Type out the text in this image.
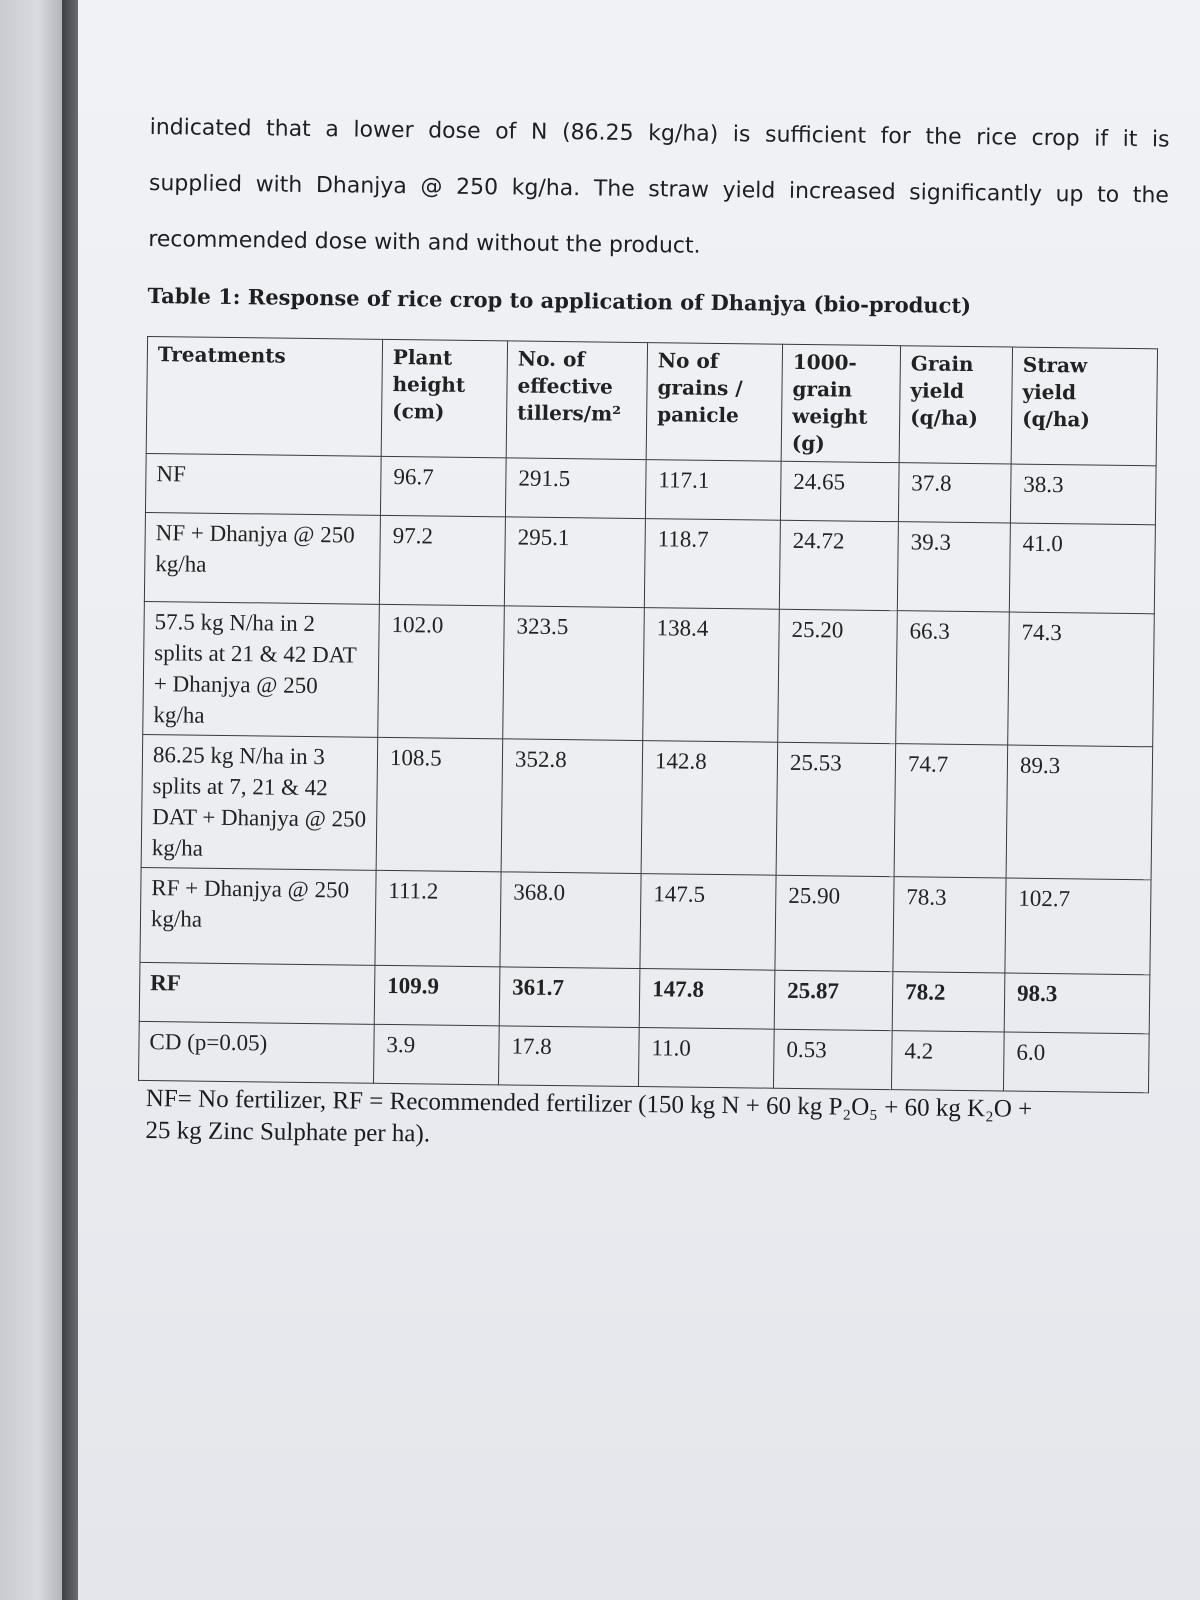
indicated that a lower dose of N (86.25 kg/ha) is sufficient for the rice crop if it is
supplied with Dhanjya @ 250 kg/ha. The straw yield increased significantly up to the
recommended dose with and without the product.

Table 1: Response of rice crop to application of Dhanjya (bio-product)
Treatments	Plant height (cm)	No. of effective tillers/m²	No of grains / panicle	1000-grain weight (g)	Grain yield (q/ha)	Straw yield (q/ha)
NF	96.7	291.5	117.1	24.65	37.8	38.3
NF + Dhanjya @ 250 kg/ha	97.2	295.1	118.7	24.72	39.3	41.0
57.5 kg N/ha in 2 splits at 21 & 42 DAT + Dhanjya @ 250 kg/ha	102.0	323.5	138.4	25.20	66.3	74.3
86.25 kg N/ha in 3 splits at 7, 21 & 42 DAT + Dhanjya @ 250 kg/ha	108.5	352.8	142.8	25.53	74.7	89.3
RF + Dhanjya @ 250 kg/ha	111.2	368.0	147.5	25.90	78.3	102.7
RF	109.9	361.7	147.8	25.87	78.2	98.3
CD (p=0.05)	3.9	17.8	11.0	0.53	4.2	6.0
NF= No fertilizer, RF = Recommended fertilizer (150 kg N + 60 kg P₂O₅ + 60 kg K₂O +
25 kg Zinc Sulphate per ha).
